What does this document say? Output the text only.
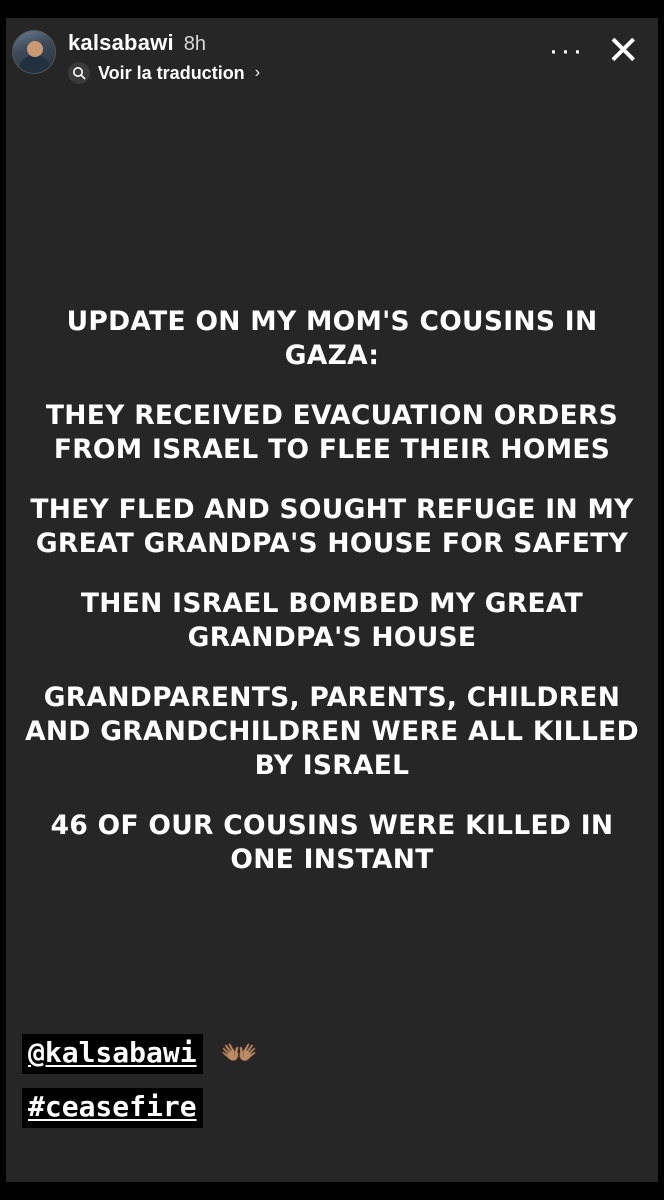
kalsabawi 8h
Voir la traduction ›
··· ✕

UPDATE ON MY MOM'S COUSINS IN GAZA:

THEY RECEIVED EVACUATION ORDERS FROM ISRAEL TO FLEE THEIR HOMES

THEY FLED AND SOUGHT REFUGE IN MY GREAT GRANDPA'S HOUSE FOR SAFETY

THEN ISRAEL BOMBED MY GREAT GRANDPA'S HOUSE

GRANDPARENTS, PARENTS, CHILDREN AND GRANDCHILDREN WERE ALL KILLED BY ISRAEL

46 OF OUR COUSINS WERE KILLED IN ONE INSTANT

@kalsabawi 👐🏽
#ceasefire
